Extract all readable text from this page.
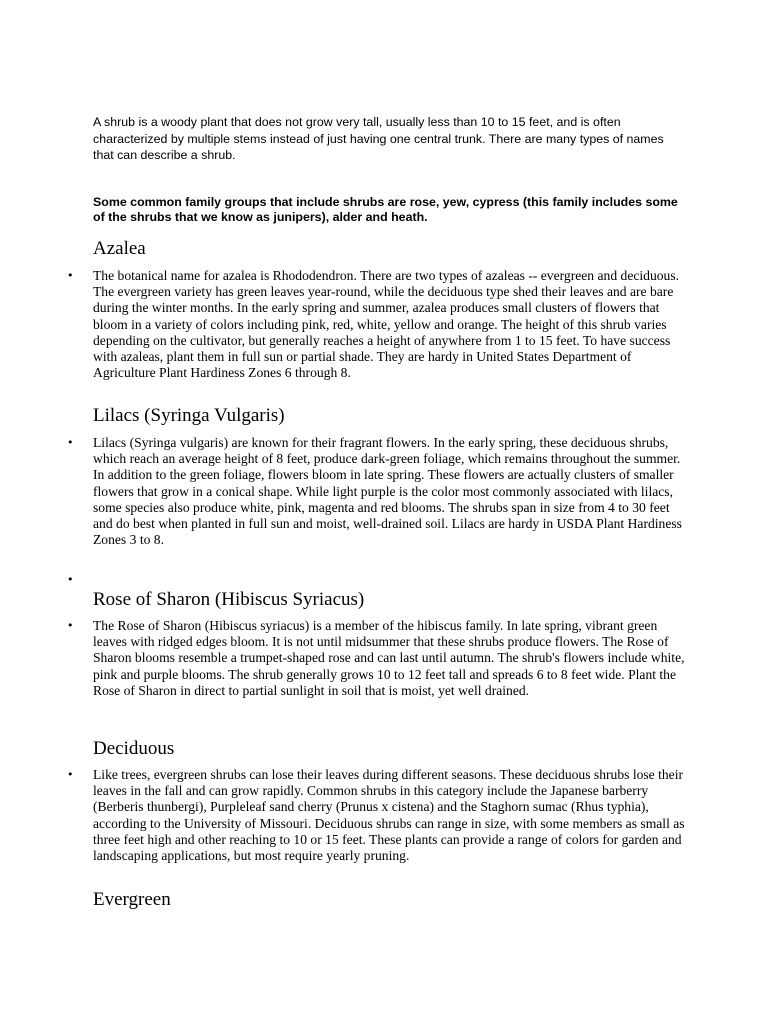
A shrub is a woody plant that does not grow very tall, usually less than 10 to 15 feet, and is often characterized by multiple stems instead of just having one central trunk. There are many types of names that can describe a shrub.

Some common family groups that include shrubs are rose, yew, cypress (this family includes some of the shrubs that we know as junipers), alder and heath.

Azalea
• The botanical name for azalea is Rhododendron. There are two types of azaleas -- evergreen and deciduous. The evergreen variety has green leaves year-round, while the deciduous type shed their leaves and are bare during the winter months. In the early spring and summer, azalea produces small clusters of flowers that bloom in a variety of colors including pink, red, white, yellow and orange. The height of this shrub varies depending on the cultivator, but generally reaches a height of anywhere from 1 to 15 feet. To have success with azaleas, plant them in full sun or partial shade. They are hardy in United States Department of Agriculture Plant Hardiness Zones 6 through 8.

Lilacs (Syringa Vulgaris)
• Lilacs (Syringa vulgaris) are known for their fragrant flowers. In the early spring, these deciduous shrubs, which reach an average height of 8 feet, produce dark-green foliage, which remains throughout the summer. In addition to the green foliage, flowers bloom in late spring. These flowers are actually clusters of smaller flowers that grow in a conical shape. While light purple is the color most commonly associated with lilacs, some species also produce white, pink, magenta and red blooms. The shrubs span in size from 4 to 30 feet and do best when planted in full sun and moist, well-drained soil. Lilacs are hardy in USDA Plant Hardiness Zones 3 to 8.

•
Rose of Sharon (Hibiscus Syriacus)
• The Rose of Sharon (Hibiscus syriacus) is a member of the hibiscus family. In late spring, vibrant green leaves with ridged edges bloom. It is not until midsummer that these shrubs produce flowers. The Rose of Sharon blooms resemble a trumpet-shaped rose and can last until autumn. The shrub's flowers include white, pink and purple blooms. The shrub generally grows 10 to 12 feet tall and spreads 6 to 8 feet wide. Plant the Rose of Sharon in direct to partial sunlight in soil that is moist, yet well drained.

Deciduous
• Like trees, evergreen shrubs can lose their leaves during different seasons. These deciduous shrubs lose their leaves in the fall and can grow rapidly. Common shrubs in this category include the Japanese barberry (Berberis thunbergi), Purpleleaf sand cherry (Prunus x cistena) and the Staghorn sumac (Rhus typhia), according to the University of Missouri. Deciduous shrubs can range in size, with some members as small as three feet high and other reaching to 10 or 15 feet. These plants can provide a range of colors for garden and landscaping applications, but most require yearly pruning.

Evergreen
